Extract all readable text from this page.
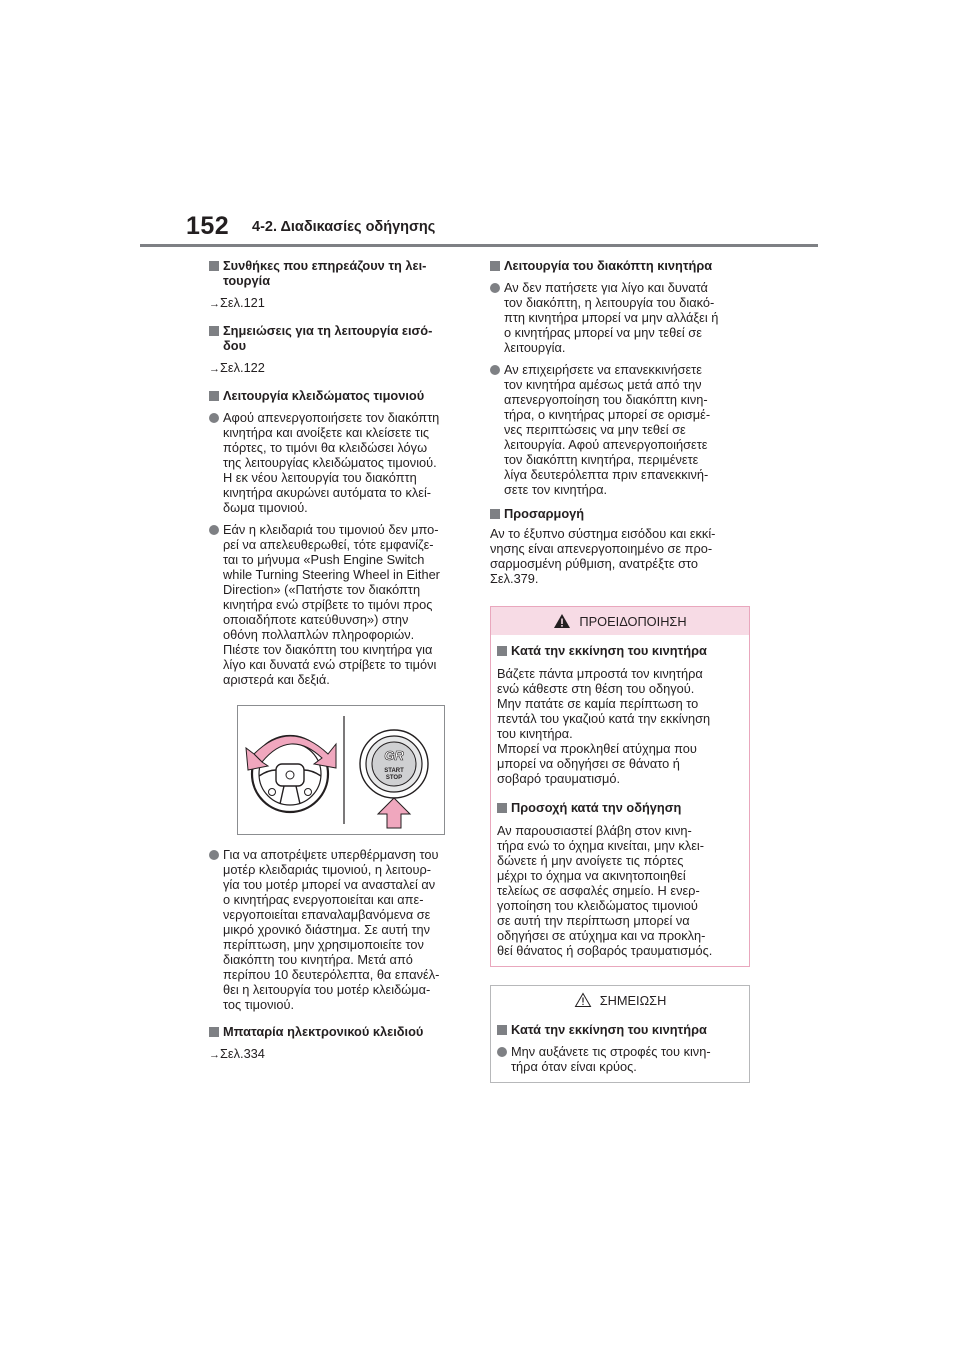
152 4-2. Διαδικασίες οδήγησης
Συνθήκες που επηρεάζουν τη λει-
τουργία
→Σελ.121
Σημειώσεις για τη λειτουργία εισό-
δου
→Σελ.122
Λειτουργία κλειδώματος τιμονιού
Αφού απενεργοποιήσετε τον διακόπτη
κινητήρα και ανοίξετε και κλείσετε τις
πόρτες, το τιμόνι θα κλειδώσει λόγω
της λειτουργίας κλειδώματος τιμονιού.
Η εκ νέου λειτουργία του διακόπτη
κινητήρα ακυρώνει αυτόματα το κλεί-
δωμα τιμονιού.
Εάν η κλειδαριά του τιμονιού δεν μπο-
ρεί να απελευθερωθεί, τότε εμφανίζε-
ται το μήνυμα «Push Engine Switch
while Turning Steering Wheel in Either
Direction» («Πατήστε τον διακόπτη
κινητήρα ενώ στρίβετε το τιμόνι προς
οποιαδήποτε κατεύθυνση») στην
οθόνη πολλαπλών πληροφοριών.
Πιέστε τον διακόπτη του κινητήρα για
λίγο και δυνατά ενώ στρίβετε το τιμόνι
αριστερά και δεξιά.
GR
START
STOP
Για να αποτρέψετε υπερθέρμανση του
μοτέρ κλειδαριάς τιμονιού, η λειτουρ-
γία του μοτέρ μπορεί να ανασταλεί αν
ο κινητήρας ενεργοποιείται και απε-
νεργοποιείται επαναλαμβανόμενα σε
μικρό χρονικό διάστημα. Σε αυτή την
περίπτωση, μην χρησιμοποιείτε τον
διακόπτη του κινητήρα. Μετά από
περίπου 10 δευτερόλεπτα, θα επανέλ-
θει η λειτουργία του μοτέρ κλειδώμα-
τος τιμονιού.
Μπαταρία ηλεκτρονικού κλειδιού
→Σελ.334
Λειτουργία του διακόπτη κινητήρα
Αν δεν πατήσετε για λίγο και δυνατά
τον διακόπτη, η λειτουργία του διακό-
πτη κινητήρα μπορεί να μην αλλάξει ή
ο κινητήρας μπορεί να μην τεθεί σε
λειτουργία.
Αν επιχειρήσετε να επανεκκινήσετε
τον κινητήρα αμέσως μετά από την
απενεργοποίηση του διακόπτη κινη-
τήρα, ο κινητήρας μπορεί σε ορισμέ-
νες περιπτώσεις να μην τεθεί σε
λειτουργία. Αφού απενεργοποιήσετε
τον διακόπτη κινητήρα, περιμένετε
λίγα δευτερόλεπτα πριν επανεκκινή-
σετε τον κινητήρα.
Προσαρμογή
Αν το έξυπνο σύστημα εισόδου και εκκί-
νησης είναι απενεργοποιημένο σε προ-
σαρμοσμένη ρύθμιση, ανατρέξτε στο
Σελ.379.
ΠΡΟΕΙΔΟΠΟΙΗΣΗ
Κατά την εκκίνηση του κινητήρα
Βάζετε πάντα μπροστά τον κινητήρα
ενώ κάθεστε στη θέση του οδηγού.
Μην πατάτε σε καμία περίπτωση το
πεντάλ του γκαζιού κατά την εκκίνηση
του κινητήρα.
Μπορεί να προκληθεί ατύχημα που
μπορεί να οδηγήσει σε θάνατο ή
σοβαρό τραυματισμό.
Προσοχή κατά την οδήγηση
Αν παρουσιαστεί βλάβη στον κινη-
τήρα ενώ το όχημα κινείται, μην κλει-
δώνετε ή μην ανοίγετε τις πόρτες
μέχρι το όχημα να ακινητοποιηθεί
τελείως σε ασφαλές σημείο. Η ενερ-
γοποίηση του κλειδώματος τιμονιού
σε αυτή την περίπτωση μπορεί να
οδηγήσει σε ατύχημα και να προκλη-
θεί θάνατος ή σοβαρός τραυματισμός.
ΣΗΜΕΙΩΣΗ
Κατά την εκκίνηση του κινητήρα
Μην αυξάνετε τις στροφές του κινη-
τήρα όταν είναι κρύος.
